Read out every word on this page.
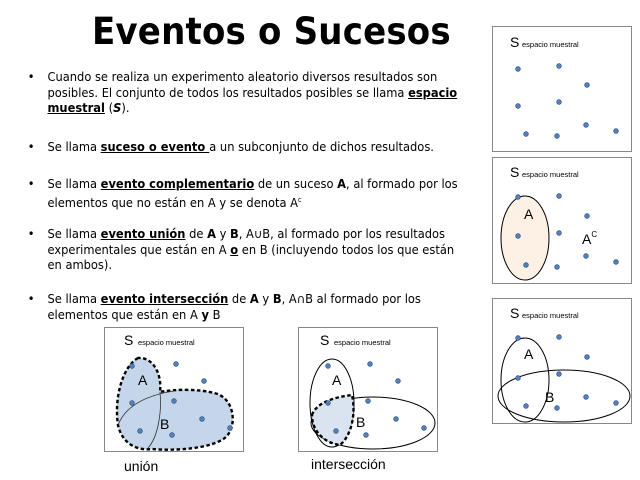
Eventos o Sucesos
• Cuando se realiza un experimento aleatorio diversos resultados son posibles. El conjunto de todos los resultados posibles se llama espacio muestral (S).
• Se llama suceso o evento a un subconjunto de dichos resultados.
• Se llama evento complementario de un suceso A, al formado por los elementos que no están en A y se denota $A^c$
• Se llama evento unión de A y B, A∪B, al formado por los resultados experimentales que están en A o en B (incluyendo todos los que están en ambos).
• Se llama evento intersección de A y B, A∩B al formado por los elementos que están en A y B
S espacio muestral
S espacio muestral
A
$A^C$
S espacio muestral
A
B
S espacio muestral
A
B
unión
S espacio muestral
A
B
intersección
